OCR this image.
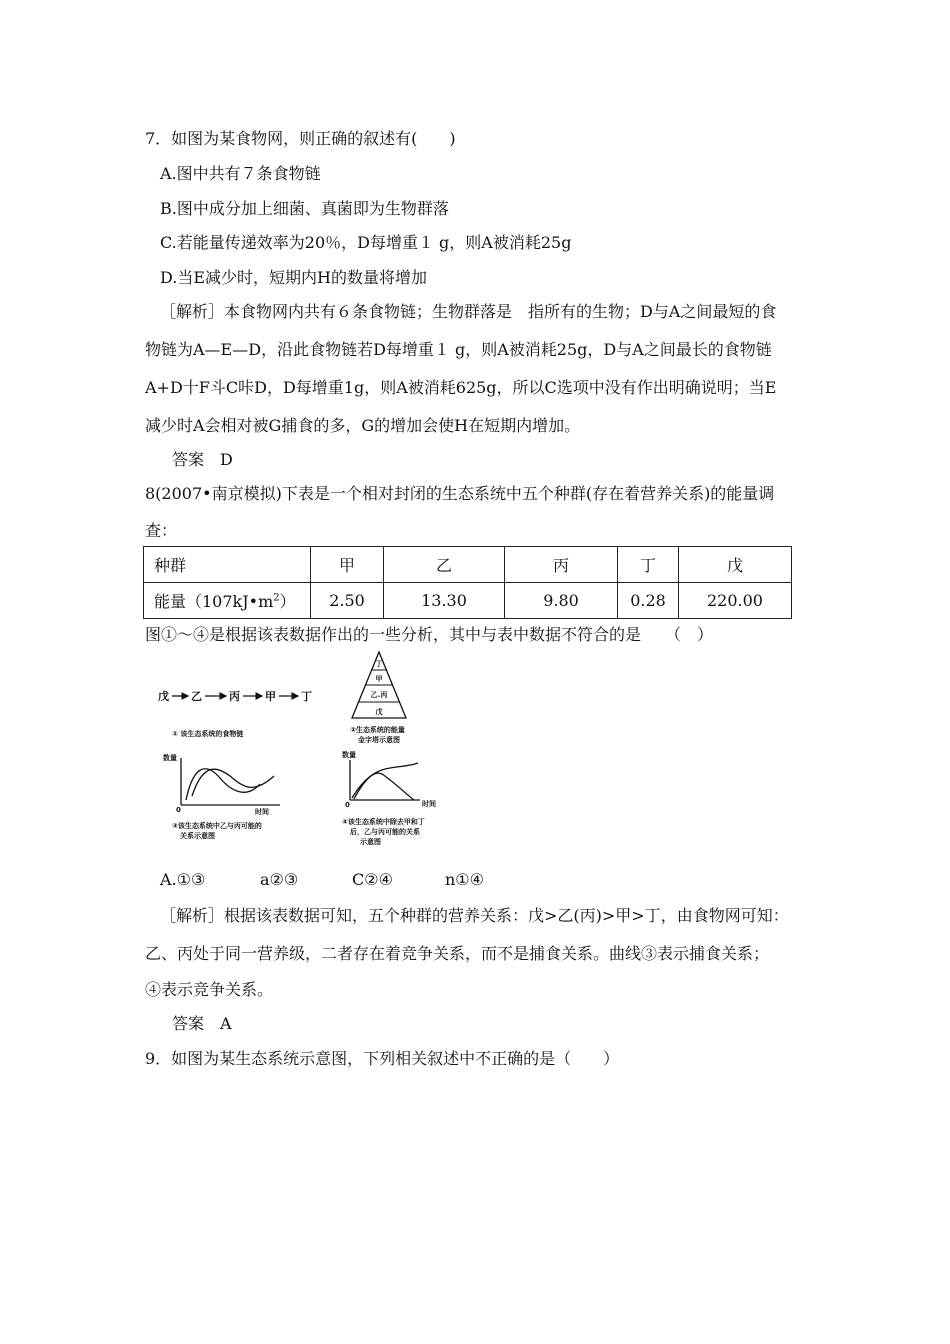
7．如图为某食物网，则正确的叙述有(　　)
A.图中共有７条食物链
B.图中成分加上细菌、真菌即为生物群落
C.若能量传递效率为20％，D每增重１ g，则A被消耗25g
D.当E减少时，短期内H的数量将增加
［解析］本食物网内共有６条食物链；生物群落是　指所有的生物；D与A之间最短的食
物链为A—E—D，沿此食物链若D每增重１ g，则A被消耗25g，D与A之间最长的食物链
A+D十F斗C咔D，D每增重1g，则A被消耗625g，所以C选项中没有作出明确说明；当E
减少时A会相对被G捕食的多，G的增加会使H在短期内增加。
答案　D
8(2007•南京模拟)下表是一个相对封闭的生态系统中五个种群(存在着营养关系)的能量调
查：
种群	甲	乙	丙	丁	戊
能量$(107kJ•m^2)$	2.50	13.30	9.80	0.28	220.00
图①～④是根据该表数据作出的一些分析，其中与表中数据不符合的是　　（　）
戊 乙 丙 甲 丁
① 该生态系统的食物链
丁
甲
乙.丙
戊
②生态系统的能量
金字塔示意图
数量
0	时间
③该生态系统中乙与丙可能的
关系示意图
数量
0	时间
④该生态系统中除去甲和丁
后，乙与丙可能的关系
示意图
A.①③	a②③	C②④	n①④
［解析］根据该表数据可知，五个种群的营养关系：戊>乙(丙)>甲>丁，由食物网可知：
乙、丙处于同一营养级，二者存在着竞争关系，而不是捕食关系。曲线③表示捕食关系；
④表示竞争关系。
答案　A
9．如图为某生态系统示意图，下列相关叙述中不正确的是（　　）
